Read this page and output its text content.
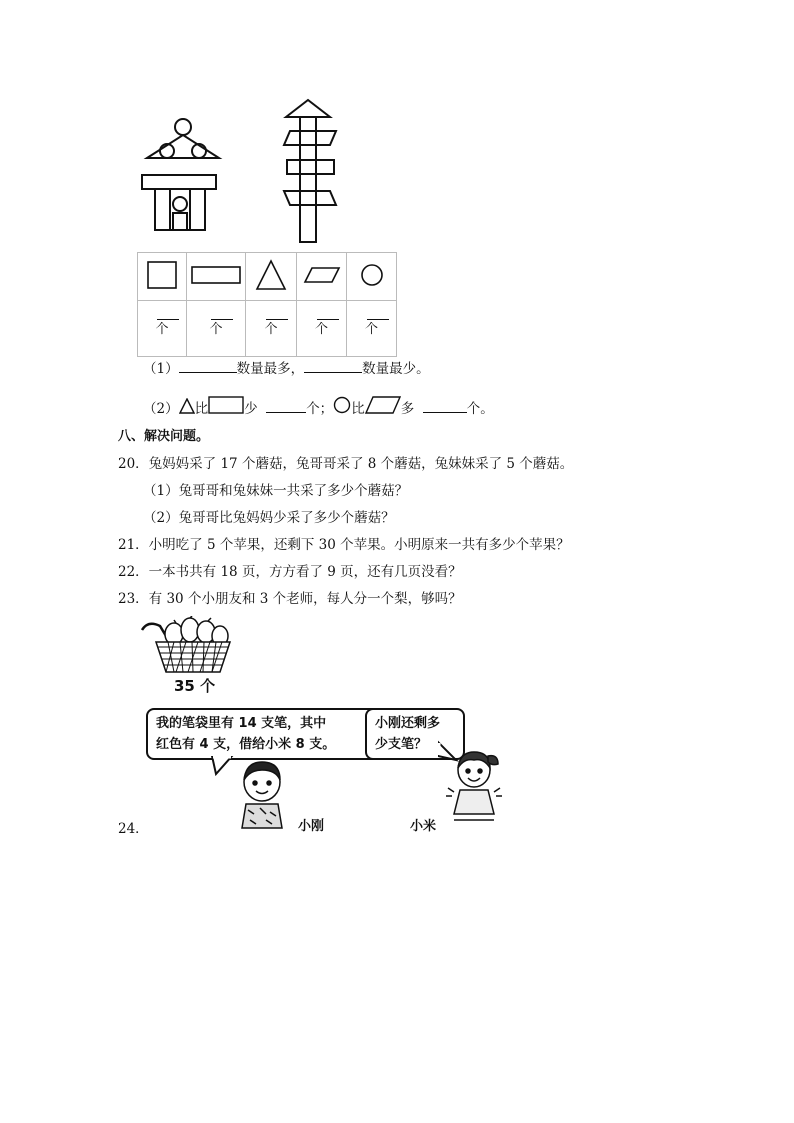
个	个	个	个	个
（1）	数量最多，	数量最少。
（2） 比	少	个； 比	多	个。
八、解决问题。
20．兔妈妈采了 17 个蘑菇，兔哥哥采了 8 个蘑菇，兔妹妹采了 5 个蘑菇。
（1）兔哥哥和兔妹妹一共采了多少个蘑菇？
（2）兔哥哥比兔妈妈少采了多少个蘑菇？
21．小明吃了 5 个苹果，还剩下 30 个苹果。小明原来一共有多少个苹果？
22．一本书共有 18 页，方方看了 9 页，还有几页没看？
23．有 30 个小朋友和 3 个老师，每人分一个梨，够吗？
35 个
我的笔袋里有 14 支笔，其中
红色有 4 支，借给小米 8 支。
小刚还剩多
少支笔？
小刚	小米
24．
